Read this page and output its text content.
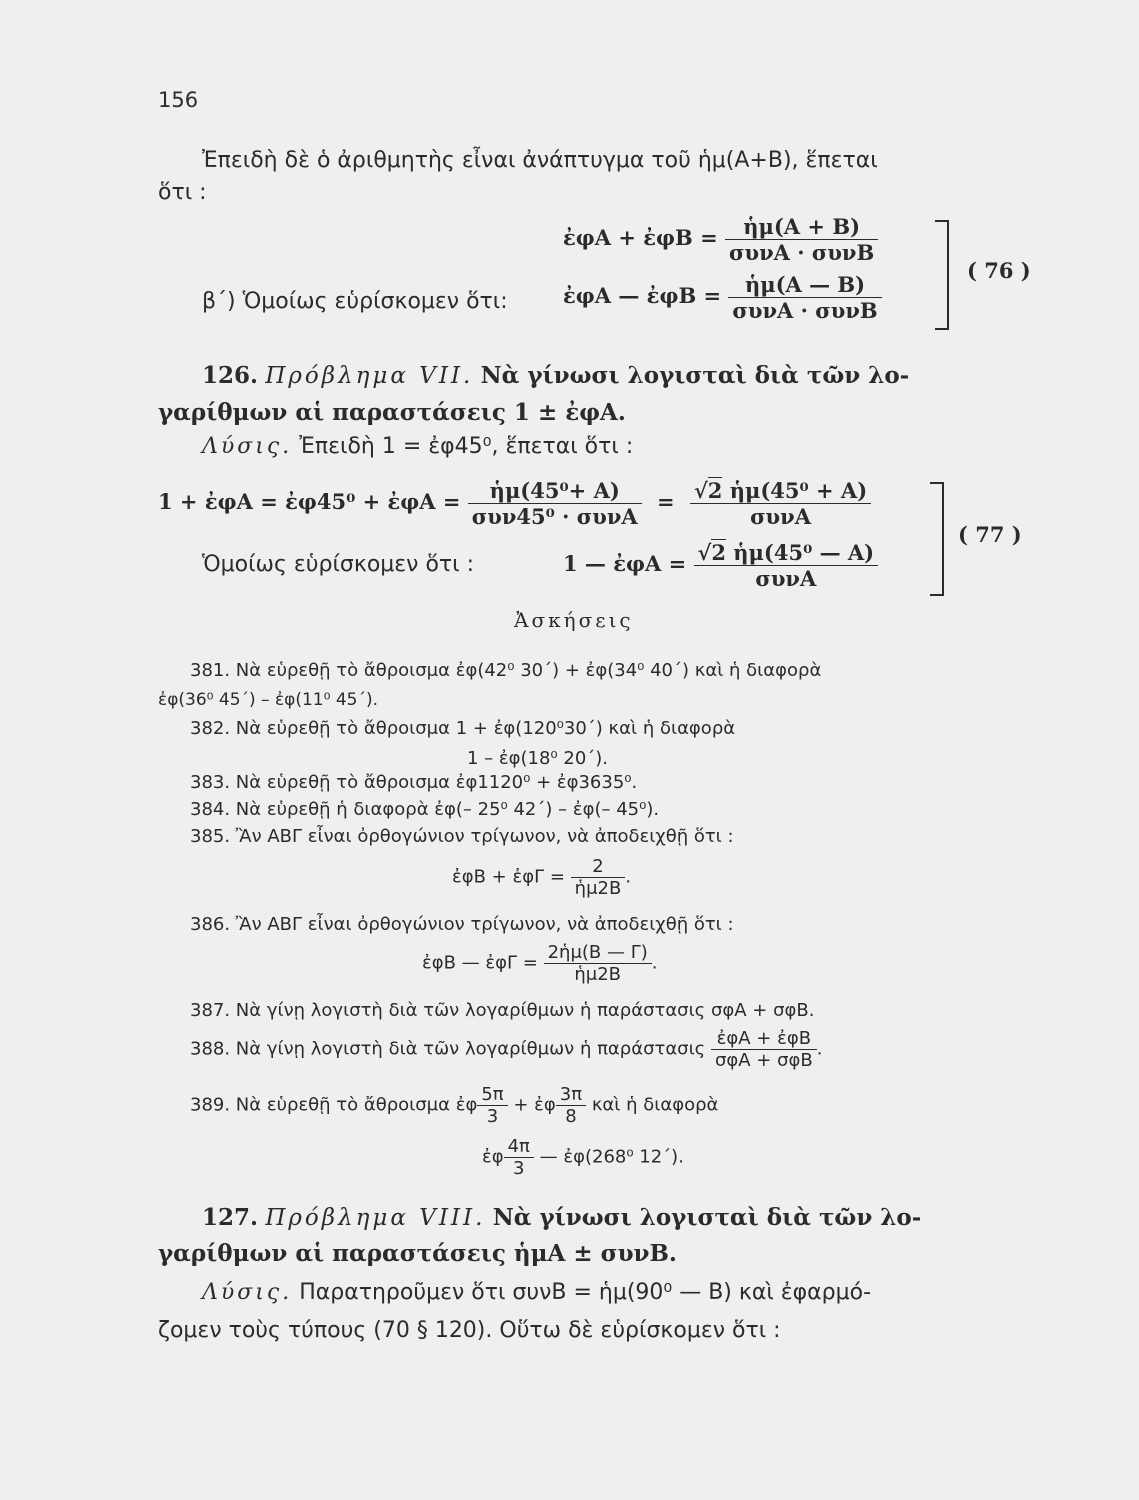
156
Ἐπειδὴ δὲ ὁ ἀριθμητὴς εἶναι ἀνάπτυγμα τοῦ ἡμ(Α+Β), ἕπεται
ὅτι :
ἐφΑ + ἐφΒ = $\frac{\text{ἡμ(Α + Β)}}{\text{συνΑ · συνΒ}}$
β΄) Ὁμοίως εὑρίσκομεν ὅτι:	ἐφΑ — ἐφΒ = $\frac{\text{ἡμ(Α — Β)}}{\text{συνΑ · συνΒ}}$
( 76 )
126. Πρόβλημα VII. Νὰ γίνωσι λογισταὶ διὰ τῶν λο-
γαρίθμων αἱ παραστάσεις 1 ± ἐφΑ.
Λύσις. Ἐπειδὴ 1 = ἐφ45⁰, ἕπεται ὅτι :
1 + ἐφΑ = ἐφ45⁰ + ἐφΑ = $\frac{\text{ἡμ(45⁰+ Α)}}{\text{συν45⁰ · συνΑ}} = \frac{\text{√2 ἡμ(45⁰ + Α)}}{\text{συνΑ}}$
Ὁμοίως εὑρίσκομεν ὅτι :	1 — ἐφΑ = $\frac{\text{√2 ἡμ(45⁰ — Α)}}{\text{συνΑ}}$
( 77 )
Ἀσκήσεις
381. Νὰ εὑρεθῇ τὸ ἄθροισμα ἐφ(42⁰ 30΄) + ἐφ(34⁰ 40΄) καὶ ἡ διαφορὰ
ἐφ(36⁰ 45΄) – ἐφ(11⁰ 45΄).
382. Νὰ εὑρεθῇ τὸ ἄθροισμα 1 + ἐφ(120⁰30΄) καὶ ἡ διαφορὰ
1 – ἐφ(18⁰ 20΄).
383. Νὰ εὑρεθῇ τὸ ἄθροισμα ἐφ1120⁰ + ἐφ3635⁰.
384. Νὰ εὑρεθῇ ἡ διαφορὰ ἐφ(– 25⁰ 42΄) – ἐφ(– 45⁰).
385. Ἂν ΑΒΓ εἶναι ὀρθογώνιον τρίγωνον, νὰ ἀποδειχθῇ ὅτι :
ἐφΒ + ἐφΓ = $\frac{2}{\text{ἡμ2Β}}$ .
386. Ἂν ΑΒΓ εἶναι ὀρθογώνιον τρίγωνον, νὰ ἀποδειχθῇ ὅτι :
ἐφΒ — ἐφΓ = $\frac{\text{2ἡμ(Β — Γ)}}{\text{ἡμ2Β}}$ .
387. Νὰ γίνῃ λογιστὴ διὰ τῶν λογαρίθμων ἡ παράστασις σφΑ + σφΒ.
388. Νὰ γίνῃ λογιστὴ διὰ τῶν λογαρίθμων ἡ παράστασις $\frac{\text{ἐφΑ + ἐφΒ}}{\text{σφΑ + σφΒ}}$ .
389. Νὰ εὑρεθῇ τὸ ἄθροισμα ἐφ $\frac{5\pi}{3}$ + ἐφ $\frac{3\pi}{8}$ καὶ ἡ διαφορὰ
ἐφ $\frac{4\pi}{3}$ — ἐφ(268⁰ 12΄).
127. Πρόβλημα VIII. Νὰ γίνωσι λογισταὶ διὰ τῶν λο-
γαρίθμων αἱ παραστάσεις ἡμΑ ± συνΒ.
Λύσις. Παρατηροῦμεν ὅτι συνΒ = ἡμ(90⁰ — Β) καὶ ἐφαρμό-
ζομεν τοὺς τύπους (70 § 120). Οὕτω δὲ εὑρίσκομεν ὅτι :
